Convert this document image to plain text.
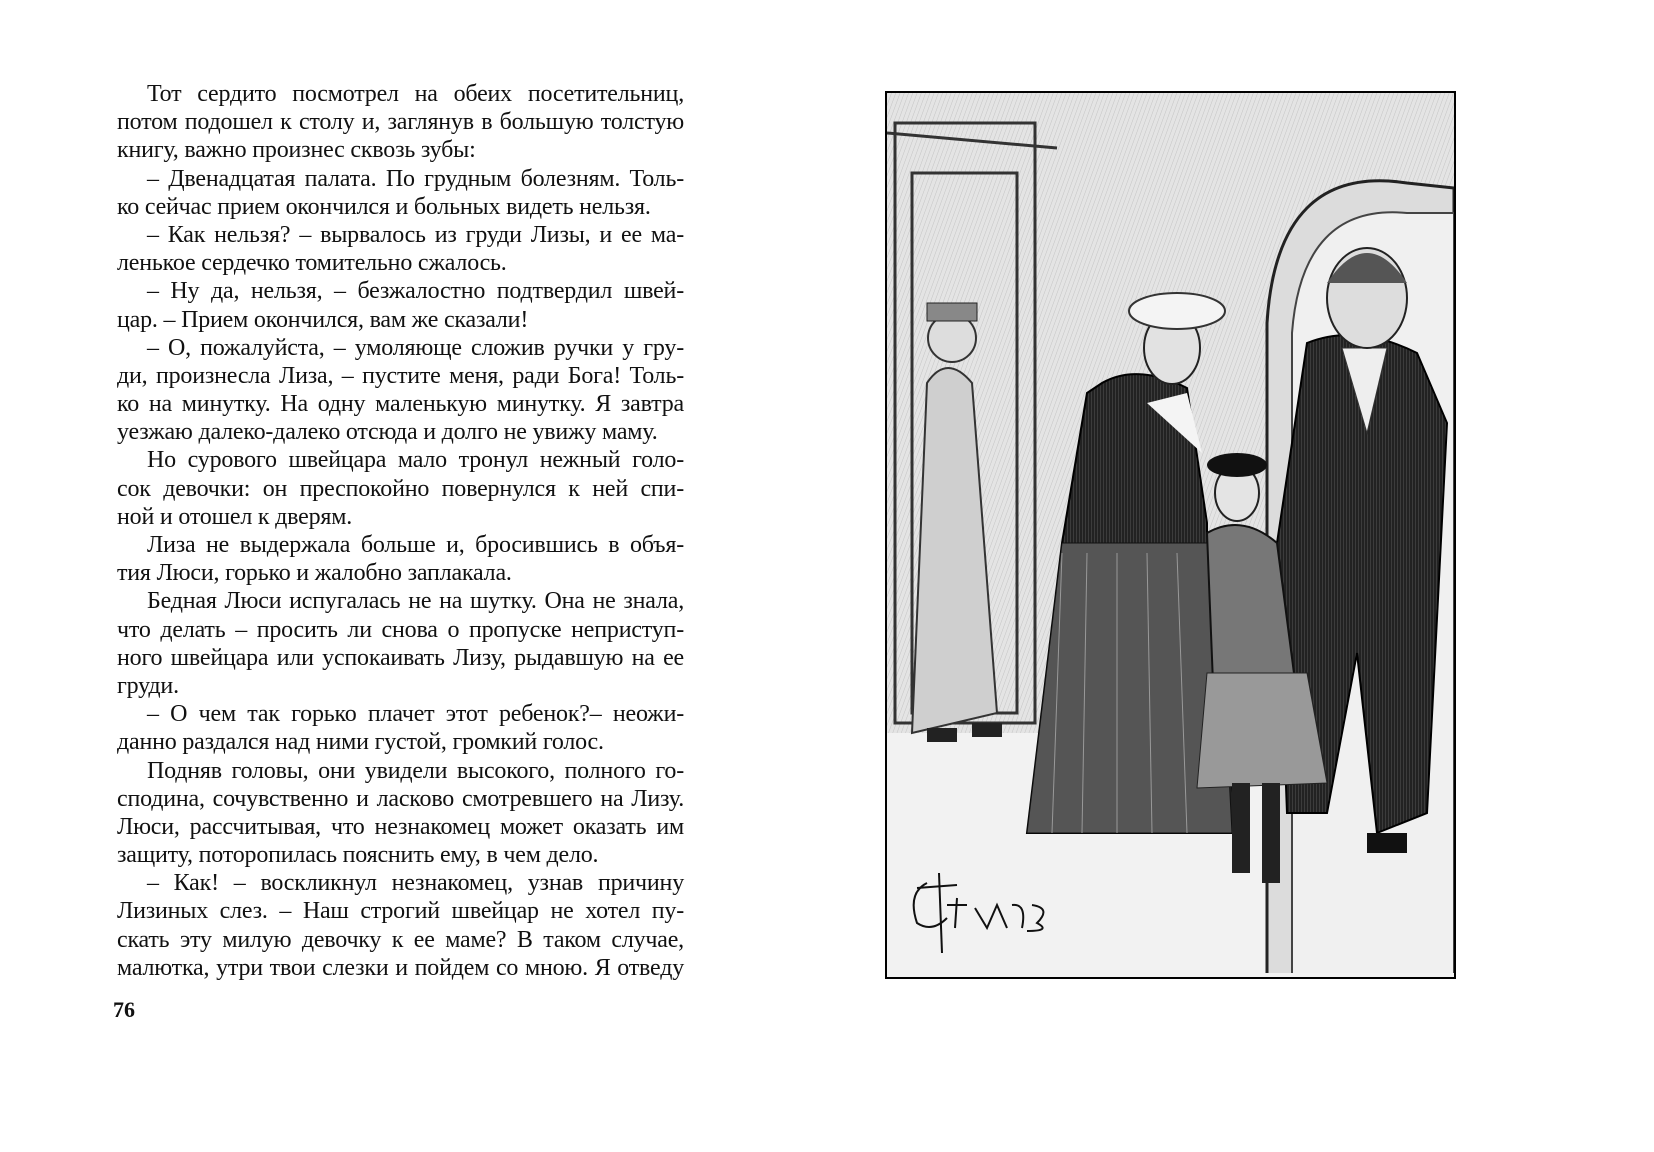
Тот сердито посмотрел на обеих посетительниц,
потом подошел к столу и, заглянув в большую толстую
книгу, важно произнес сквозь зубы:
– Двенадцатая палата. По грудным болезням. Толь-
ко сейчас прием окончился и больных видеть нельзя.
– Как нельзя? – вырвалось из груди Лизы, и ее ма-
ленькое сердечко томительно сжалось.
– Ну да, нельзя, – безжалостно подтвердил швей-
цар. – Прием окончился, вам же сказали!
– О, пожалуйста, – умоляюще сложив ручки у гру-
ди, произнесла Лиза, – пустите меня, ради Бога! Толь-
ко на минутку. На одну маленькую минутку. Я завтра
уезжаю далеко-далеко отсюда и долго не увижу маму.
Но сурового швейцара мало тронул нежный голо-
сок девочки: он преспокойно повернулся к ней спи-
ной и отошел к дверям.
Лиза не выдержала больше и, бросившись в объя-
тия Люси, горько и жалобно заплакала.
Бедная Люси испугалась не на шутку. Она не знала,
что делать – просить ли снова о пропуске неприступ-
ного швейцара или успокаивать Лизу, рыдавшую на ее
груди.
– О чем так горько плачет этот ребенок?– неожи-
данно раздался над ними густой, громкий голос.
Подняв головы, они увидели высокого, полного го-
сподина, сочувственно и ласково смотревшего на Лизу.
Люси, рассчитывая, что незнакомец может оказать им
защиту, поторопилась пояснить ему, в чем дело.
– Как! – воскликнул незнакомец, узнав причину
Лизиных слез. – Наш строгий швейцар не хотел пу-
скать эту милую девочку к ее маме? В таком случае,
малютка, утри твои слезки и пойдем со мною. Я отведу
76
